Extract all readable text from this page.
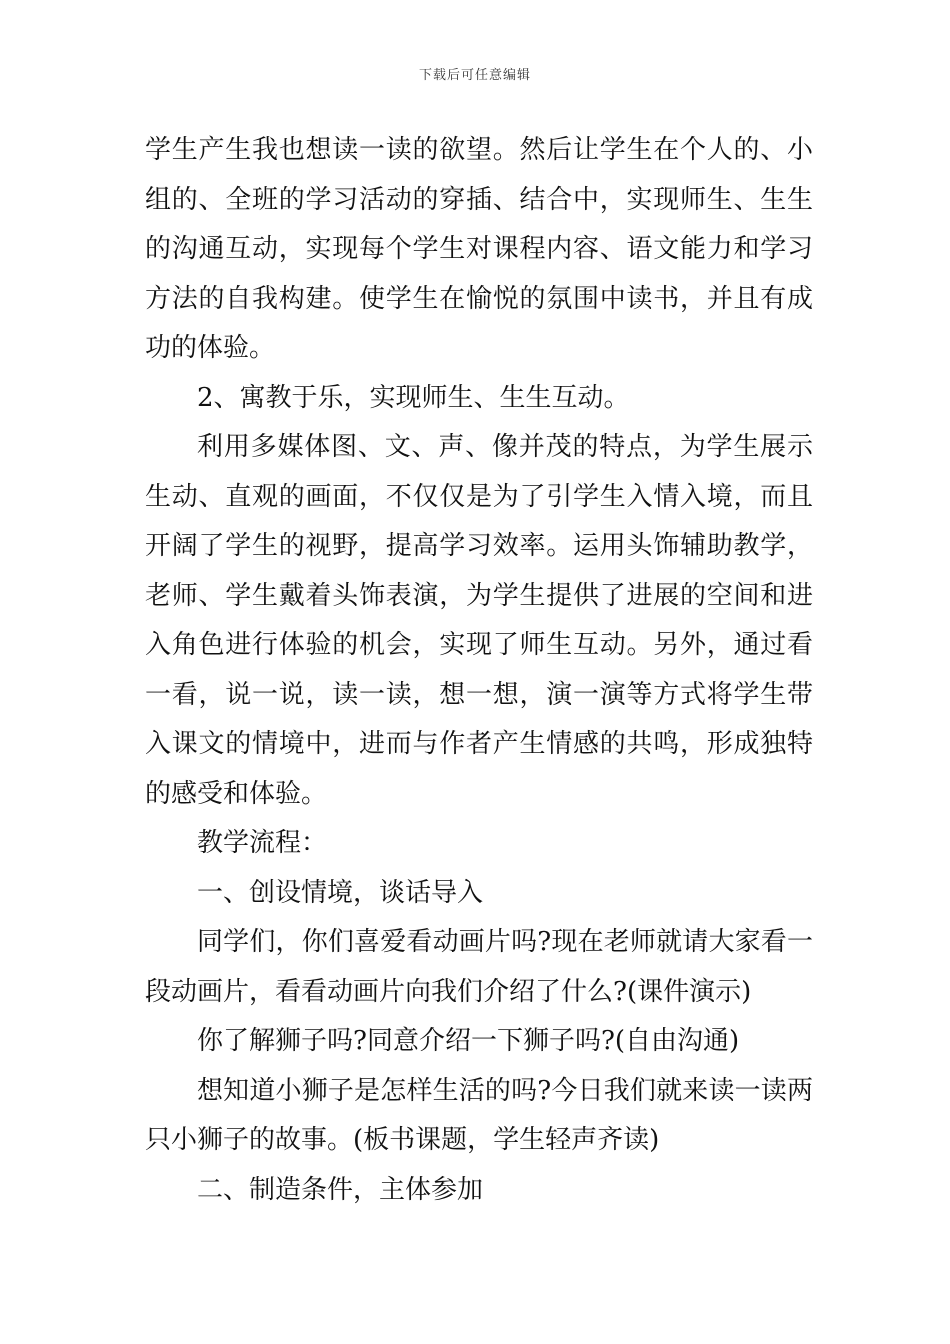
下载后可任意编辑

学生产生我也想读一读的欲望。然后让学生在个人的、小组的、全班的学习活动的穿插、结合中，实现师生、生生的沟通互动，实现每个学生对课程内容、语文能力和学习方法的自我构建。使学生在愉悦的氛围中读书，并且有成功的体验。

2、寓教于乐，实现师生、生生互动。

利用多媒体图、文、声、像并茂的特点，为学生展示生动、直观的画面，不仅仅是为了引学生入情入境，而且开阔了学生的视野，提高学习效率。运用头饰辅助教学，老师、学生戴着头饰表演，为学生提供了进展的空间和进入角色进行体验的机会，实现了师生互动。另外，通过看一看，说一说，读一读，想一想，演一演等方式将学生带入课文的情境中，进而与作者产生情感的共鸣，形成独特的感受和体验。

教学流程：

一、创设情境，谈话导入

同学们，你们喜爱看动画片吗?现在老师就请大家看一段动画片，看看动画片向我们介绍了什么?(课件演示)

你了解狮子吗?同意介绍一下狮子吗?(自由沟通)

想知道小狮子是怎样生活的吗?今日我们就来读一读两只小狮子的故事。(板书课题，学生轻声齐读)

二、制造条件，主体参加
